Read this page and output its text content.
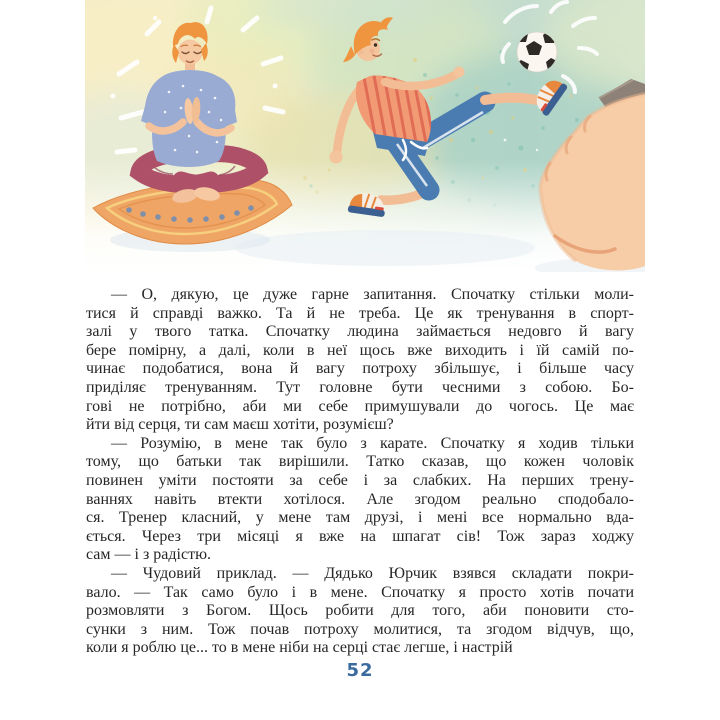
— О, дякую, це дуже гарне запитання. Спочатку стільки моли-
тися й справді важко. Та й не треба. Це як тренування в спорт-
залі у твого татка. Спочатку людина займається недовго й вагу
бере помірну, а далі, коли в неї щось вже виходить і їй самій по-
чинає подобатися, вона й вагу потроху збільшує, і більше часу
приділяє тренуванням. Тут головне бути чесними з собою. Бо-
гові не потрібно, аби ми себе примушували до чогось. Це має
йти від серця, ти сам маєш хотіти, розумієш?
— Розумію, в мене так було з карате. Спочатку я ходив тільки
тому, що батьки так вирішили. Татко сказав, що кожен чоловік
повинен уміти постояти за себе і за слабких. На перших трену-
ваннях навіть втекти хотілося. Але згодом реально сподобало-
ся. Тренер класний, у мене там друзі, і мені все нормально вда-
ється. Через три місяці я вже на шпагат сів! Тож зараз ходжу
сам — і з радістю.
— Чудовий приклад. — Дядько Юрчик взявся складати покри-
вало. — Так само було і в мене. Спочатку я просто хотів почати
розмовляти з Богом. Щось робити для того, аби поновити сто-
сунки з ним. Тож почав потроху молитися, та згодом відчув, що,
коли я роблю це... то в мене ніби на серці стає легше, і настрій
52
